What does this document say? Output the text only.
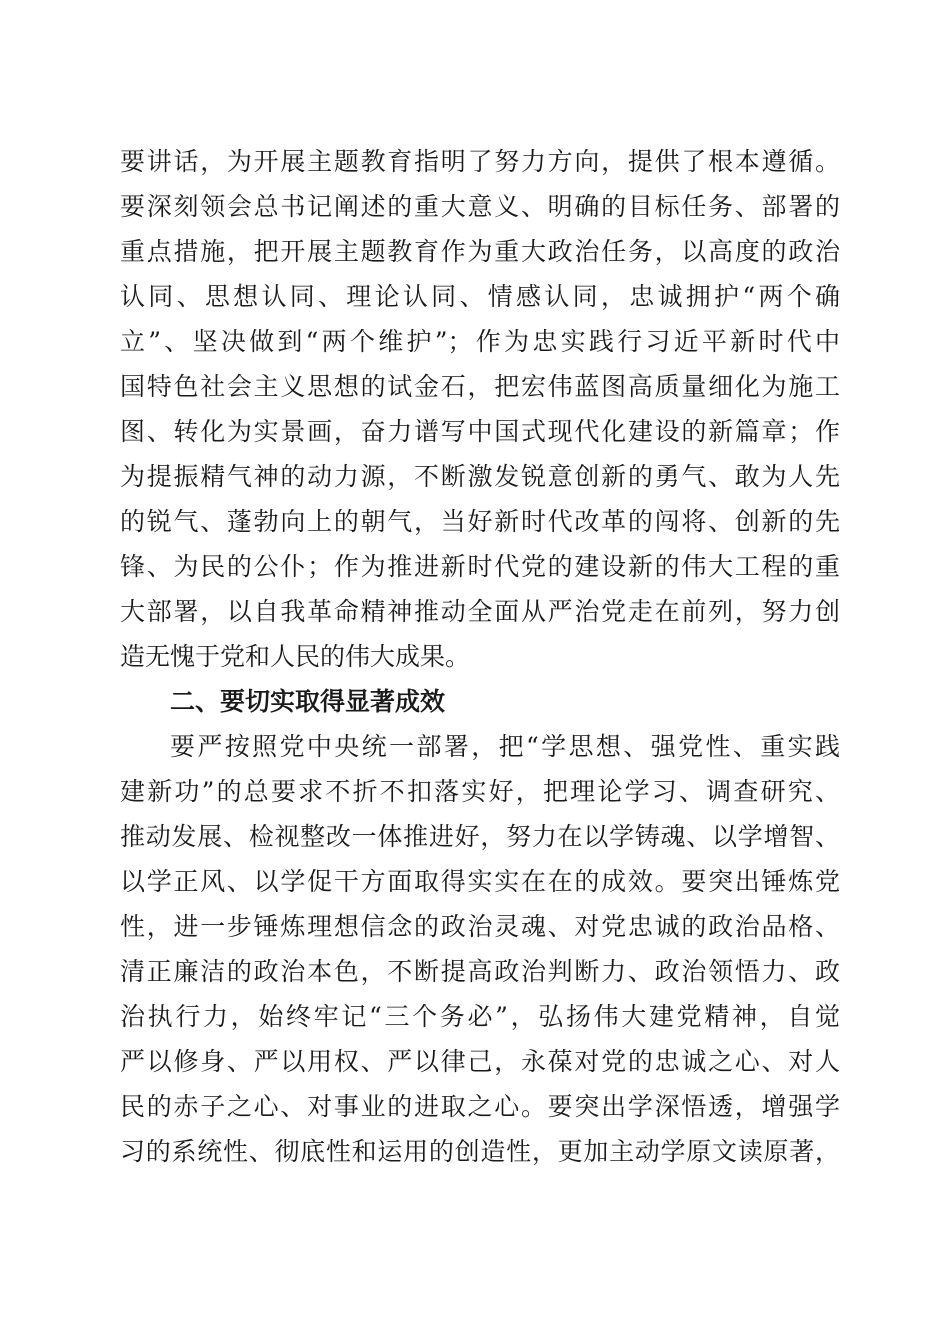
要讲话，为开展主题教育指明了努力方向，提供了根本遵循。
要深刻领会总书记阐述的重大意义、明确的目标任务、部署的
重点措施，把开展主题教育作为重大政治任务，以高度的政治
认同、思想认同、理论认同、情感认同，忠诚拥护“两个确
立”、坚决做到“两个维护”；作为忠实践行习近平新时代中
国特色社会主义思想的试金石，把宏伟蓝图高质量细化为施工
图、转化为实景画，奋力谱写中国式现代化建设的新篇章；作
为提振精气神的动力源，不断激发锐意创新的勇气、敢为人先
的锐气、蓬勃向上的朝气，当好新时代改革的闯将、创新的先
锋、为民的公仆；作为推进新时代党的建设新的伟大工程的重
大部署，以自我革命精神推动全面从严治党走在前列，努力创
造无愧于党和人民的伟大成果。
二、要切实取得显著成效
要严按照党中央统一部署，把“学思想、强党性、重实践
建新功”的总要求不折不扣落实好，把理论学习、调查研究、
推动发展、检视整改一体推进好，努力在以学铸魂、以学增智、
以学正风、以学促干方面取得实实在在的成效。要突出锤炼党
性，进一步锤炼理想信念的政治灵魂、对党忠诚的政治品格、
清正廉洁的政治本色，不断提高政治判断力、政治领悟力、政
治执行力，始终牢记“三个务必”，弘扬伟大建党精神，自觉
严以修身、严以用权、严以律己，永葆对党的忠诚之心、对人
民的赤子之心、对事业的进取之心。要突出学深悟透，增强学
习的系统性、彻底性和运用的创造性，更加主动学原文读原著，
